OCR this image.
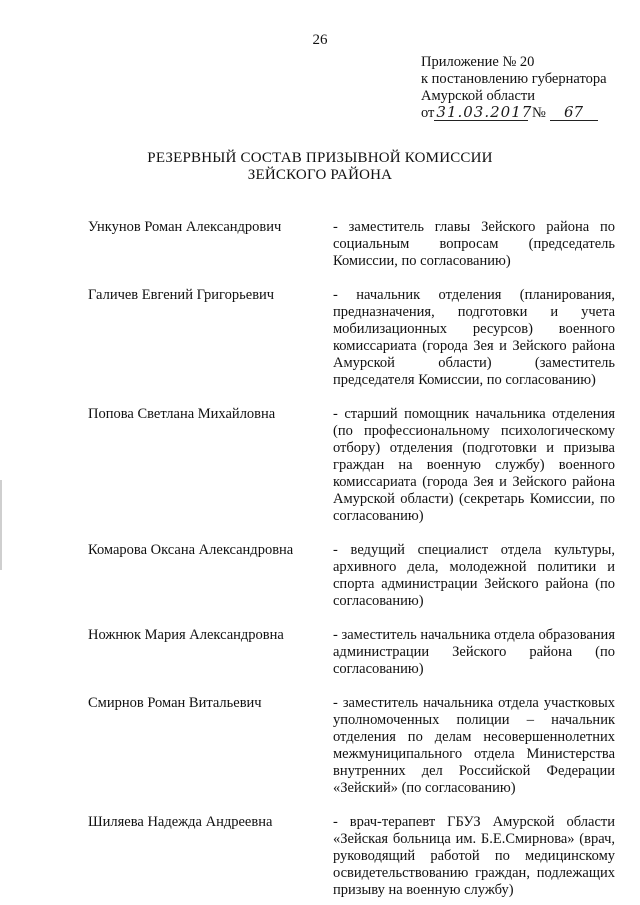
26
Приложение № 20
к постановлению губернатора
Амурской области
от 31.03.2017 № 67
РЕЗЕРВНЫЙ СОСТАВ ПРИЗЫВНОЙ КОМИССИИ
ЗЕЙСКОГО РАЙОНА
Ункунов Роман Александрович	- заместитель главы Зейского района по социальным вопросам (председатель Комиссии, по согласованию)
Галичев Евгений Григорьевич	- начальник отделения (планирования, предназначения, подготовки и учета мобилизационных ресурсов) военного комиссариата (города Зея и Зейского района Амурской области) (заместитель председателя Комиссии, по согласованию)
Попова Светлана Михайловна	- старший помощник начальника отделения (по профессиональному психологическому отбору) отделения (подготовки и призыва граждан на военную службу) военного комиссариата (города Зея и Зейского района Амурской области) (секретарь Комиссии, по согласованию)
Комарова Оксана Александровна	- ведущий специалист отдела культуры, архивного дела, молодежной политики и спорта администрации Зейского района (по согласованию)
Ножнюк Мария Александровна	- заместитель начальника отдела образования администрации Зейского района (по согласованию)
Смирнов Роман Витальевич	- заместитель начальника отдела участковых уполномоченных полиции – начальник отделения по делам несовершеннолетних межмуниципального отдела Министерства внутренних дел Российской Федерации «Зейский» (по согласованию)
Шиляева Надежда Андреевна	- врач-терапевт ГБУЗ Амурской области «Зейская больница им. Б.Е.Смирнова» (врач, руководящий работой по медицинскому освидетельствованию граждан, подлежащих призыву на военную службу)
